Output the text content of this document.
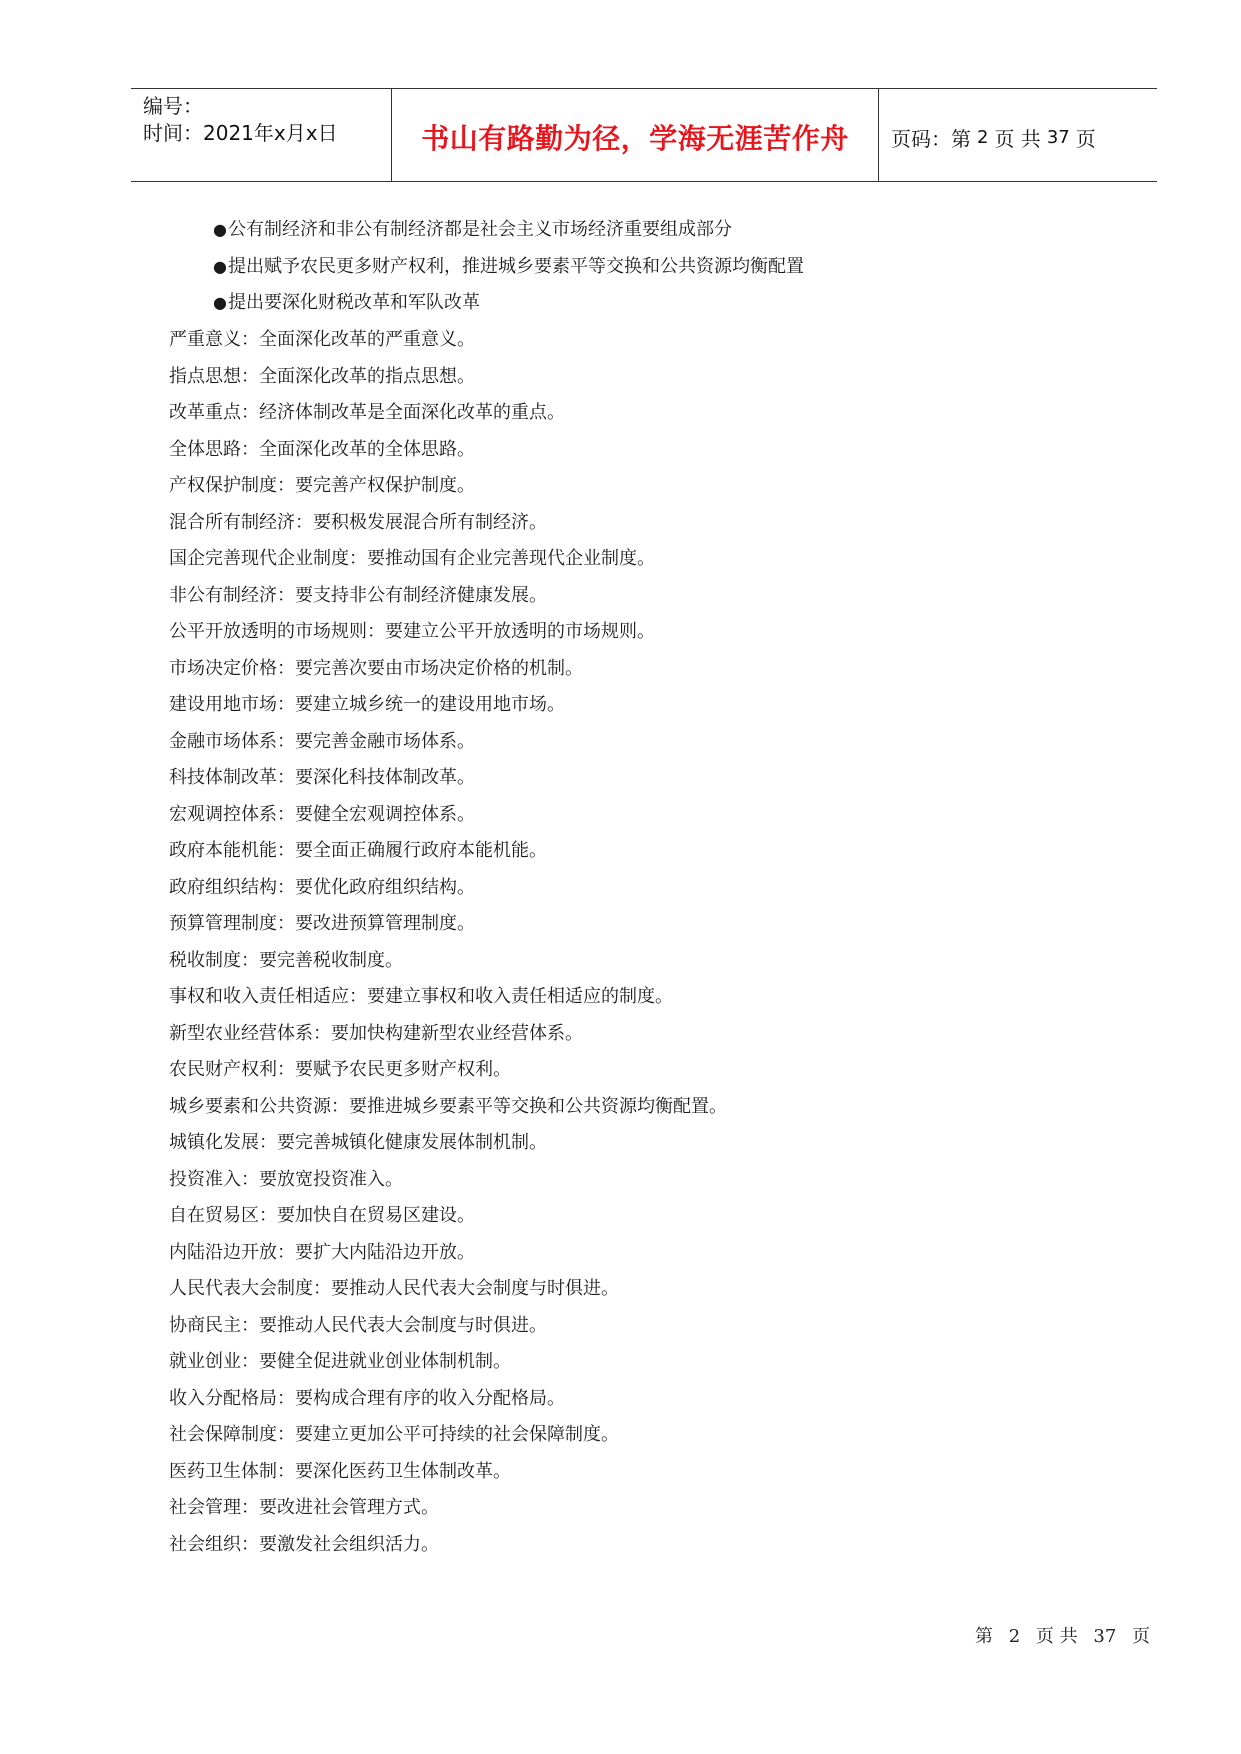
编号：
时间：2021年x月x日	书山有路勤为径，学海无涯苦作舟	页码：第 2 页 共 37 页
●公有制经济和非公有制经济都是社会主义市场经济重要组成部分
●提出赋予农民更多财产权利，推进城乡要素平等交换和公共资源均衡配置
●提出要深化财税改革和军队改革
严重意义：全面深化改革的严重意义。
指点思想：全面深化改革的指点思想。
改革重点：经济体制改革是全面深化改革的重点。
全体思路：全面深化改革的全体思路。
产权保护制度：要完善产权保护制度。
混合所有制经济：要积极发展混合所有制经济。
国企完善现代企业制度：要推动国有企业完善现代企业制度。
非公有制经济：要支持非公有制经济健康发展。
公平开放透明的市场规则：要建立公平开放透明的市场规则。
市场决定价格：要完善次要由市场决定价格的机制。
建设用地市场：要建立城乡统一的建设用地市场。
金融市场体系：要完善金融市场体系。
科技体制改革：要深化科技体制改革。
宏观调控体系：要健全宏观调控体系。
政府本能机能：要全面正确履行政府本能机能。
政府组织结构：要优化政府组织结构。
预算管理制度：要改进预算管理制度。
税收制度：要完善税收制度。
事权和收入责任相适应：要建立事权和收入责任相适应的制度。
新型农业经营体系：要加快构建新型农业经营体系。
农民财产权利：要赋予农民更多财产权利。
城乡要素和公共资源：要推进城乡要素平等交换和公共资源均衡配置。
城镇化发展：要完善城镇化健康发展体制机制。
投资准入：要放宽投资准入。
自在贸易区：要加快自在贸易区建设。
内陆沿边开放：要扩大内陆沿边开放。
人民代表大会制度：要推动人民代表大会制度与时俱进。
协商民主：要推动人民代表大会制度与时俱进。
就业创业：要健全促进就业创业体制机制。
收入分配格局：要构成合理有序的收入分配格局。
社会保障制度：要建立更加公平可持续的社会保障制度。
医药卫生体制：要深化医药卫生体制改革。
社会管理：要改进社会管理方式。
社会组织：要激发社会组织活力。
第 2 页 共 37 页
